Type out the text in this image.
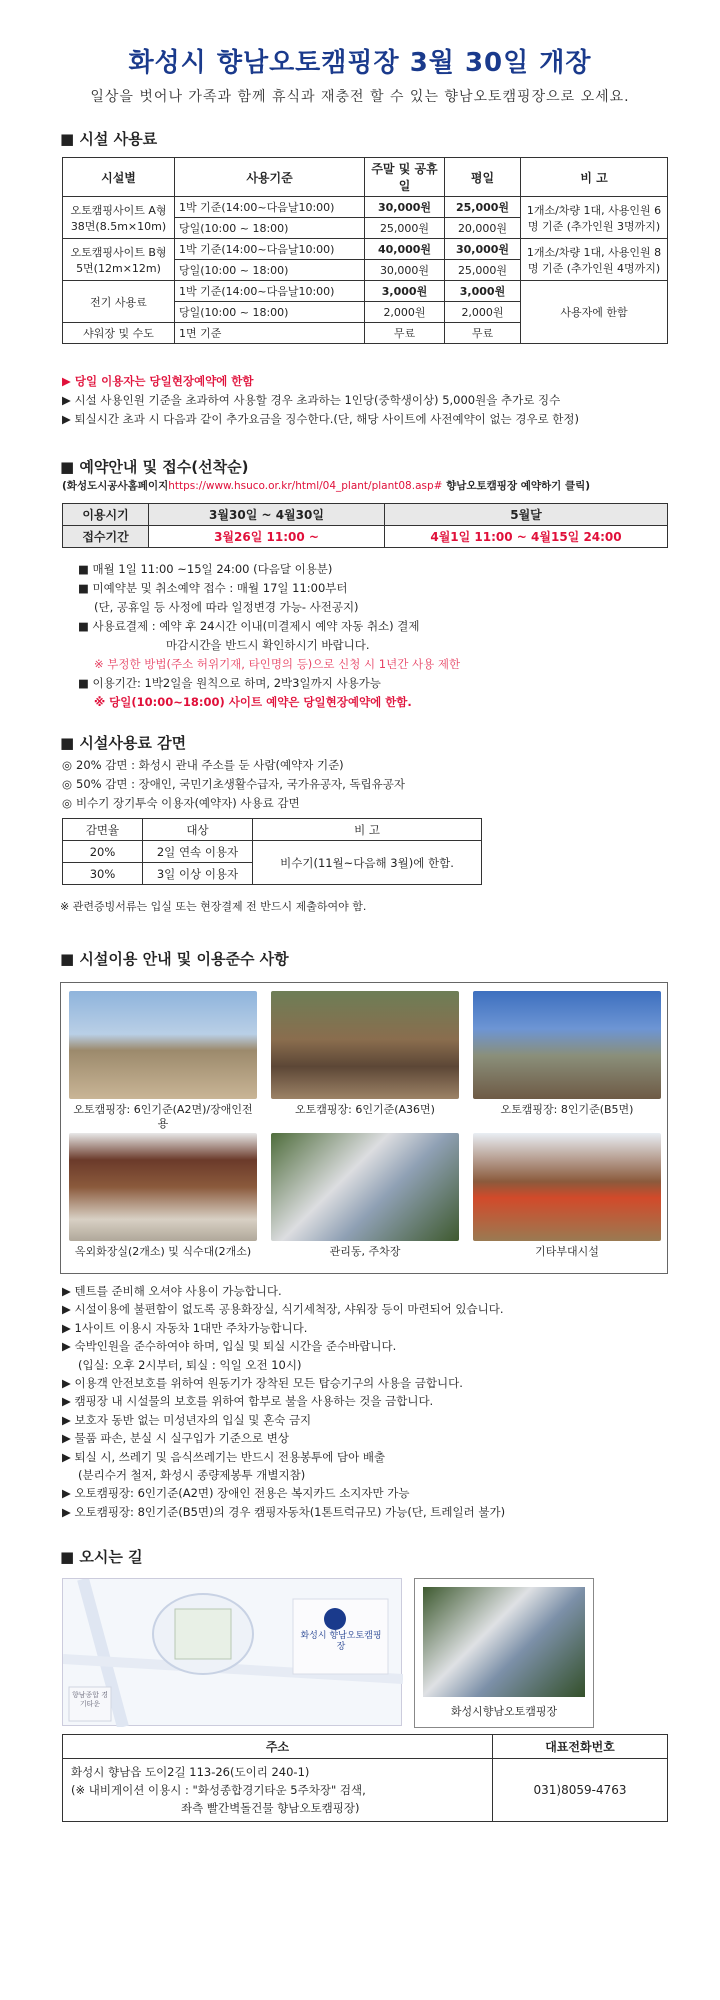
화성시 향남오토캠핑장 3월 30일 개장
일상을 벗어나 가족과 함께 휴식과 재충전 할 수 있는 향남오토캠핑장으로 오세요.
■ 시설 사용료
시설별	사용기준	주말 및 공휴일	평일	비 고
오토캠핑사이트 A형 38면(8.5m×10m)	1박 기준(14:00~다음날10:00)	30,000원	25,000원	1개소/차량 1대, 사용인원 6명 기준 (추가인원 3명까지)
	당일(10:00 ~ 18:00)	25,000원	20,000원	
오토캠핑사이트 B형 5면(12m×12m)	1박 기준(14:00~다음날10:00)	40,000원	30,000원	1개소/차량 1대, 사용인원 8명 기준 (추가인원 4명까지)
	당일(10:00 ~ 18:00)	30,000원	25,000원	
전기 사용료	1박 기준(14:00~다음날10:00)	3,000원	3,000원	사용자에 한함
	당일(10:00 ~ 18:00)	2,000원	2,000원	
샤워장 및 수도	1면 기준	무료	무료	
▶ 당일 이용자는 당일현장예약에 한함
▶ 시설 사용인원 기준을 초과하여 사용할 경우 초과하는 1인당(중학생이상) 5,000원을 추가로 징수
▶ 퇴실시간 초과 시 다음과 같이 추가요금을 징수한다.(단, 해당 사이트에 사전예약이 없는 경우로 한정)
■ 예약안내 및 접수(선착순)
(화성도시공사홈페이지https://www.hsuco.or.kr/html/04_plant/plant08.asp# 향남오토캠핑장 예약하기 클릭)
이용시기	3월30일 ~ 4월30일	5월달
접수기간	3월26일 11:00 ~	4월1일 11:00 ~ 4월15일 24:00
■ 매월 1일 11:00 ~15일 24:00 (다음달 이용분)
■ 미예약분 및 취소예약 접수 : 매월 17일 11:00부터
(단, 공휴일 등 사정에 따라 일정변경 가능- 사전공지)
■ 사용료결제 : 예약 후 24시간 이내(미결제시 예약 자동 취소) 결제
마감시간을 반드시 확인하시기 바랍니다.
※ 부정한 방법(주소 허위기재, 타인명의 등)으로 신청 시 1년간 사용 제한
■ 이용기간: 1박2일을 원칙으로 하며, 2박3일까지 사용가능
※ 당일(10:00~18:00) 사이트 예약은 당일현장예약에 한함.
■ 시설사용료 감면
◎ 20% 감면 : 화성시 관내 주소를 둔 사람(예약자 기준)
◎ 50% 감면 : 장애인, 국민기초생활수급자, 국가유공자, 독립유공자
◎ 비수기 장기투숙 이용자(예약자) 사용료 감면
감면율	대상	비 고
20%	2일 연속 이용자	비수기(11월~다음해 3월)에 한함.
30%	3일 이상 이용자	
※ 관련증빙서류는 입실 또는 현장결제 전 반드시 제출하여야 함.
■ 시설이용 안내 및 이용준수 사항
오토캠핑장: 6인기준(A2면)/장애인전용
오토캠핑장: 6인기준(A36면)	오토캠핑장: 8인기준(B5면)
옥외화장실(2개소) 및 식수대(2개소)	관리동, 주차장	기타부대시설
▶ 텐트를 준비해 오셔야 사용이 가능합니다.
▶ 시설이용에 불편함이 없도록 공용화장실, 식기세척장, 샤워장 등이 마련되어 있습니다.
▶ 1사이트 이용시 자동차 1대만 주차가능합니다.
▶ 숙박인원을 준수하여야 하며, 입실 및 퇴실 시간을 준수바랍니다.
(입실: 오후 2시부터, 퇴실 : 익일 오전 10시)
▶ 이용객 안전보호를 위하여 원동기가 장착된 모든 탑승기구의 사용을 금합니다.
▶ 캠핑장 내 시설물의 보호를 위하여 함부로 불을 사용하는 것을 금합니다.
▶ 보호자 동반 없는 미성년자의 입실 및 혼숙 금지
▶ 물품 파손, 분실 시 실구입가 기준으로 변상
▶ 퇴실 시, 쓰레기 및 음식쓰레기는 반드시 전용봉투에 담아 배출
(분리수거 철저, 화성시 종량제봉투 개별지참)
▶ 오토캠핑장: 6인기준(A2면) 장애인 전용은 복지카드 소지자만 가능
▶ 오토캠핑장: 8인기준(B5면)의 경우 캠핑자동차(1톤트럭규모) 가능(단, 트레일러 불가)
■ 오시는 길
화성시 향남오토캠핑장
향남종합 경기타운
화성시향남오토캠핑장
주소	대표전화번호

화성시 향남읍 도이2길 113-26(도이리 240-1)
(※ 내비게이션 이용시 : "화성종합경기타운 5주차장" 검색,
좌측 빨간벽돌건물 향남오토캠핑장)	031)8059-4763
